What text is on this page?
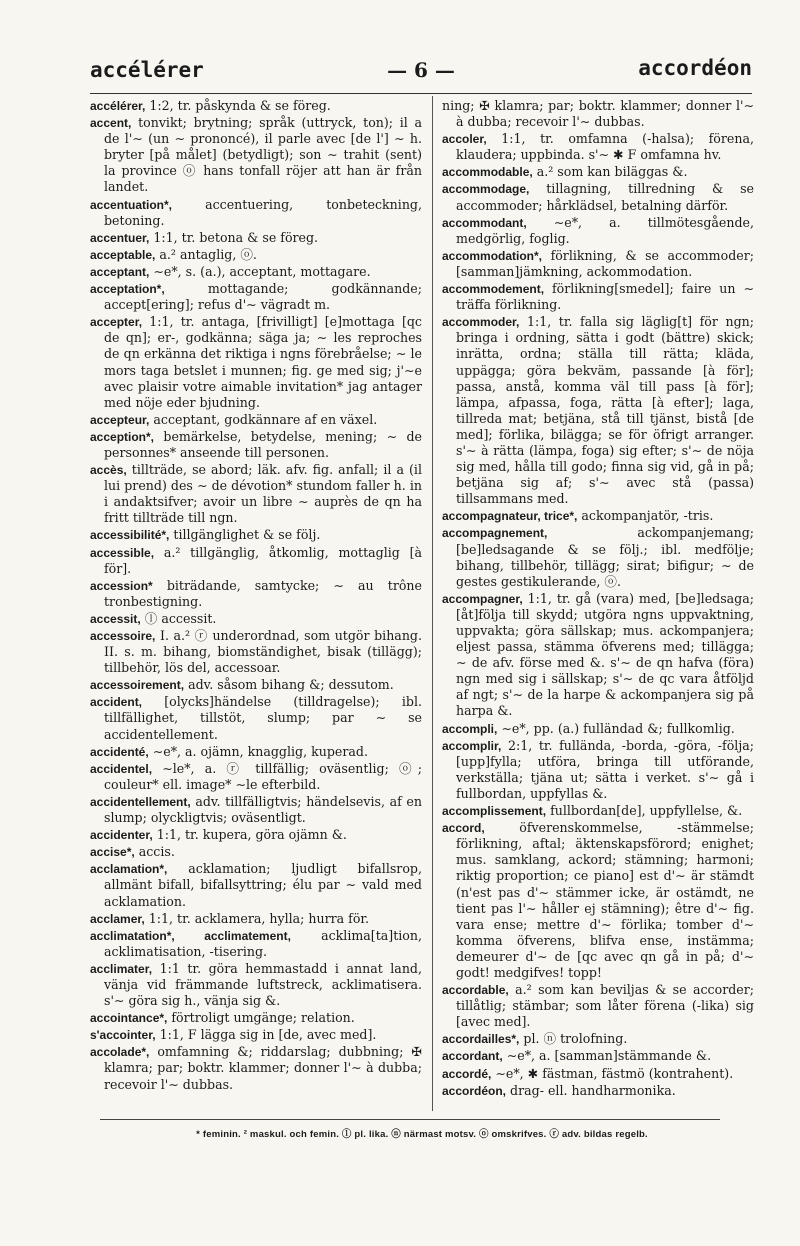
accélérer	— 6 —	accordéon
accélérer, 1:2, tr. påskynda & se föreg.
accent, tonvikt; brytning; språk (uttryck, ton); il a de l'∼ (un ∼ prononcé), il parle avec [de l'] ∼ h. bryter [på målet] (betydligt); son ∼ trahit (sent) la province ⓞ hans tonfall röjer att han är från landet.
accentuation*,	accentuering, tonbeteckning, betoning.
accentuer, 1:1, tr. betona & se föreg.
acceptable, a.² antaglig, ⓞ.
acceptant, ∼e*, s. (a.), acceptant, mottagare.
acceptation*,	mottagande; godkännande; accept[ering]; refus d'∼ vägradt m.
accepter, 1:1, tr. antaga, [frivilligt] [e]mottaga [qc de qn]; er-, godkänna; säga ja; ∼ les reproches de qn erkänna det riktiga i ngns förebråelse; ∼ le mors taga betslet i munnen; fig. ge med sig; j'∼e avec plaisir votre aimable invitation* jag antager med nöje eder bjudning.
accepteur, acceptant, godkännare af en växel.
acception*, bemärkelse, betydelse, mening; ∼ de personnes* anseende till personen.
accès, tillträde, se abord; läk. afv. fig. anfall; il a (il lui prend) des ∼ de dévotion* stundom faller h. in i andaktsifver; avoir un libre ∼ auprès de qn ha fritt tillträde till ngn.
accessibilité*, tillgänglighet & se följ.
accessible, a.² tillgänglig, åtkomlig, mottaglig [à för].
accession* biträdande, samtycke; ∼ au trône tronbestigning.
accessit, ⓛ accessit.
accessoire, I. a.² ⓡ underordnad, som utgör bihang. II. s. m. bihang, biomständighet, bisak (tillägg); tillbehör, lös del, accessoar.
accessoirement, adv. såsom bihang &; dessutom.
accident, [olycks]händelse (tilldragelse); ibl. tillfällighet, tillstöt, slump; par ∼ se accidentellement.
accidenté, ∼e*, a. ojämn, knagglig, kuperad.
accidentel, ∼le*, a. ⓡ tillfällig; oväsentlig; ⓞ; couleur* ell. image* ∼le efterbild.
accidentellement, adv. tillfälligtvis; händelsevis, af en slump; olyckligtvis; oväsentligt.
accidenter, 1:1, tr. kupera, göra ojämn &.
accise*, accis.
acclamation*, acklamation; ljudligt bifallsrop, allmänt bifall, bifallsyttring; élu par ∼ vald med acklamation.
acclamer, 1:1, tr. acklamera, hylla; hurra för.
acclimatation*, acclimatement, acklima[ta]tion, acklimatisation, -tisering.
acclimater, 1:1 tr. göra hemmastadd i annat land, vänja vid främmande luftstreck, acklimatisera. s'∼ göra sig h., vänja sig &.
accointance*, förtroligt umgänge; relation.
s'accointer, 1:1, F lägga sig in [de, avec med].
accolade*, omfamning &; riddarslag; dubbning; ✠ klamra; par; boktr. klammer; donner l'∼ à dubba; recevoir l'∼ dubbas.
ning; ✠ klamra; par; boktr. klammer; donner l'∼ à dubba; recevoir l'∼ dubbas.
accoler, 1:1, tr. omfamna (-halsa); förena, klaudera; uppbinda. s'∼ ✱ F omfamna hv.
accommodable, a.² som kan biläggas &.
accommodage, tillagning, tillredning & se accommoder; hårklädsel, betalning därför.
accommodant, ∼e*, a. tillmötesgående, medgörlig, foglig.
accommodation*, förlikning, & se accommoder; [samman]jämkning, ackommodation.
accommodement, förlikning[smedel]; faire un ∼ träffa förlikning.
accommoder, 1:1, tr. falla sig läglig[t] för ngn; bringa i ordning, sätta i godt (bättre) skick; inrätta, ordna; ställa till rätta; kläda, uppägga; göra bekväm, passande [à för]; passa, anstå, komma väl till pass [à för]; lämpa, afpassa, foga, rätta [à efter]; laga, tillreda mat; betjäna, stå till tjänst, bistå [de med]; förlika, bilägga; se för öfrigt arranger. s'∼ à rätta (lämpa, foga) sig efter; s'∼ de nöja sig med, hålla till godo; finna sig vid, gå in på; betjäna sig af; s'∼ avec stå (passa) tillsammans med.
accompagnateur, trice*, ackompanjatör, -tris.
accompagnement,	ackompanjemang; [be]ledsagande & se följ.; ibl. medfölje; bihang, tillbehör, tillägg; sirat; bifigur; ∼ de gestes gestikulerande, ⓞ.
accompagner, 1:1, tr. gå (vara) med, [be]ledsaga; [åt]följa till skydd; utgöra ngns uppvaktning, uppvakta; göra sällskap; mus. ackompanjera; eljest passa, stämma öfverens med; tillägga; ∼ de afv. förse med &. s'∼ de qn hafva (föra) ngn med sig i sällskap; s'∼ de qc vara åtföljd af ngt; s'∼ de la harpe & ackompanjera sig på harpa &.
accompli, ∼e*, pp. (a.) fulländad &; fullkomlig.
accomplir, 2:1, tr. fullända, -borda, -göra, -följa; [upp]fylla; utföra, bringa till utförande, verkställa; tjäna ut; sätta i verket. s'∼ gå i fullbordan, uppfyllas &.
accomplissement, fullbordan[de], uppfyllelse, &.
accord,	öfverenskommelse, -stämmelse; förlikning, aftal; äktenskapsförord; enighet; mus. samklang, ackord; stämning; harmoni; riktig proportion; ce piano] est d'∼ är stämdt (n'est pas d'∼ stämmer icke, är ostämdt, ne tient pas l'∼ håller ej stämning); être d'∼ fig. vara ense; mettre d'∼ förlika; tomber d'∼ komma öfverens, blifva ense, instämma; demeurer d'∼ de [qc avec qn gå in på; d'∼ godt! medgifves! topp!
accordable, a.² som kan beviljas & se accorder; tillåtlig; stämbar; som låter förena (-lika) sig [avec med].
accordailles*, pl. ⓝ trolofning.
accordant, ∼e*, a. [samman]stämmande &.
accordé, ∼e*, ✱ fästman, fästmö (kontrahent).
accordéon, drag- ell. handharmonika.
* feminin. ² maskul. och femin. ⓛ pl. lika. ⓝ närmast motsv. ⓞ omskrifves. ⓡ adv. bildas regelb.
